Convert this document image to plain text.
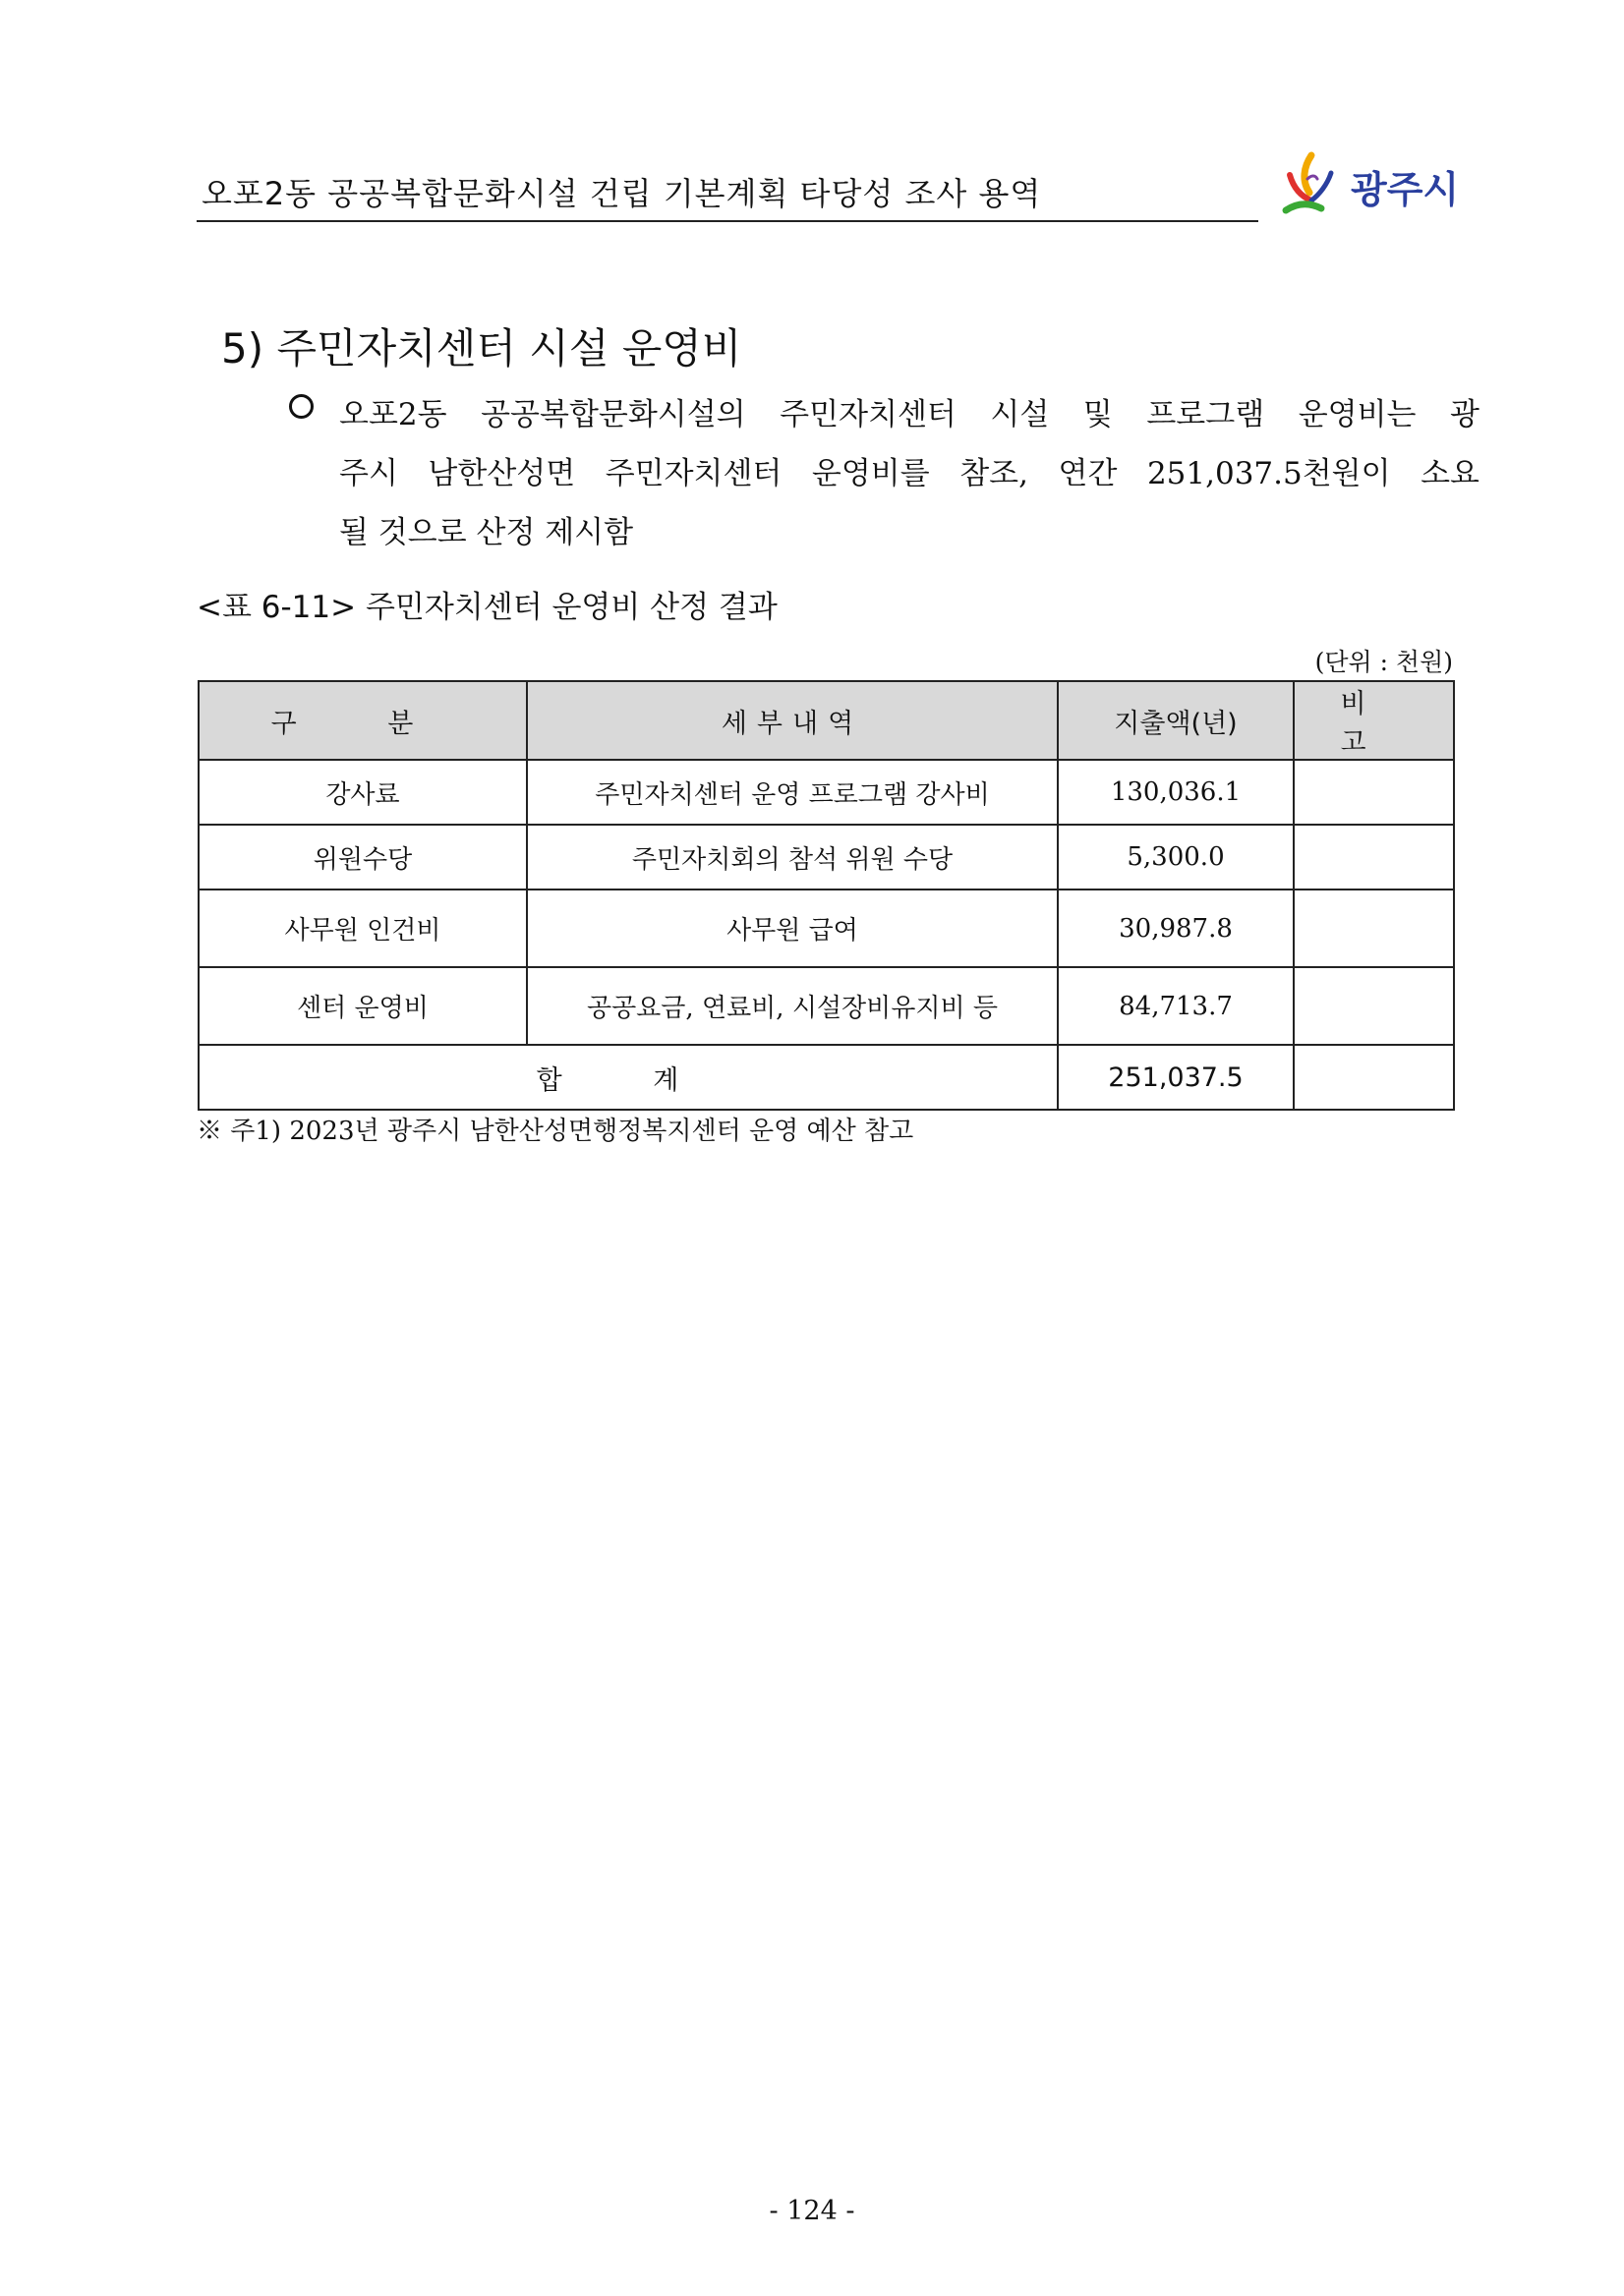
오포2동 공공복합문화시설 건립 기본계획 타당성 조사 용역	광주시
5) 주민자치센터 시설 운영비
오포2동 공공복합문화시설의 주민자치센터 시설 및 프로그램 운영비는 광
주시 남한산성면 주민자치센터 운영비를 참조, 연간 251,037.5천원이 소요
될 것으로 산정 제시함
<표 6-11> 주민자치센터 운영비 산정 결과
(단위 : 천원)
구 분	세부내역	지출액(년)	비 고
강사료	주민자치센터 운영 프로그램 강사비	130,036.1	
위원수당	주민자치회의 참석 위원 수당	5,300.0	
사무원 인건비	사무원 급여	30,987.8	
센터 운영비	공공요금, 연료비, 시설장비유지비 등	84,713.7	
합 계		251,037.5	
※ 주1) 2023년 광주시 남한산성면행정복지센터 운영 예산 참고
- 124 -
